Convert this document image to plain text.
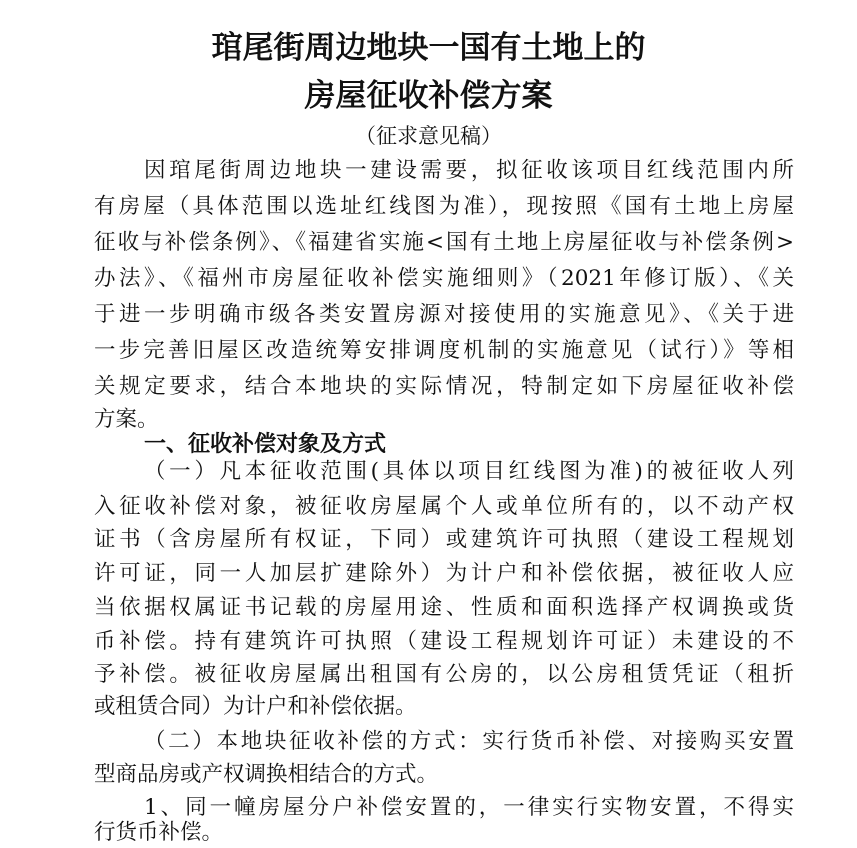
琯尾街周边地块一国有土地上的
房屋征收补偿方案
（征求意见稿）
因琯尾街周边地块一建设需要，拟征收该项目红线范围内所
有房屋（具体范围以选址红线图为准），现按照《国有土地上房屋
征收与补偿条例》、《福建省实施<国有土地上房屋征收与补偿条例>
办法》、《福州市房屋征收补偿实施细则》（2021年修订版）、《关
于进一步明确市级各类安置房源对接使用的实施意见》、《关于进
一步完善旧屋区改造统筹安排调度机制的实施意见（试行）》等相
关规定要求，结合本地块的实际情况，特制定如下房屋征收补偿
方案。
一、征收补偿对象及方式
（一）凡本征收范围(具体以项目红线图为准)的被征收人列
入征收补偿对象，被征收房屋属个人或单位所有的，以不动产权
证书（含房屋所有权证，下同）或建筑许可执照（建设工程规划
许可证，同一人加层扩建除外）为计户和补偿依据，被征收人应
当依据权属证书记载的房屋用途、性质和面积选择产权调换或货
币补偿。持有建筑许可执照（建设工程规划许可证）未建设的不
予补偿。被征收房屋属出租国有公房的，以公房租赁凭证（租折
或租赁合同）为计户和补偿依据。
（二）本地块征收补偿的方式：实行货币补偿、对接购买安置
型商品房或产权调换相结合的方式。
1、同一幢房屋分户补偿安置的，一律实行实物安置，不得实
行货币补偿。
